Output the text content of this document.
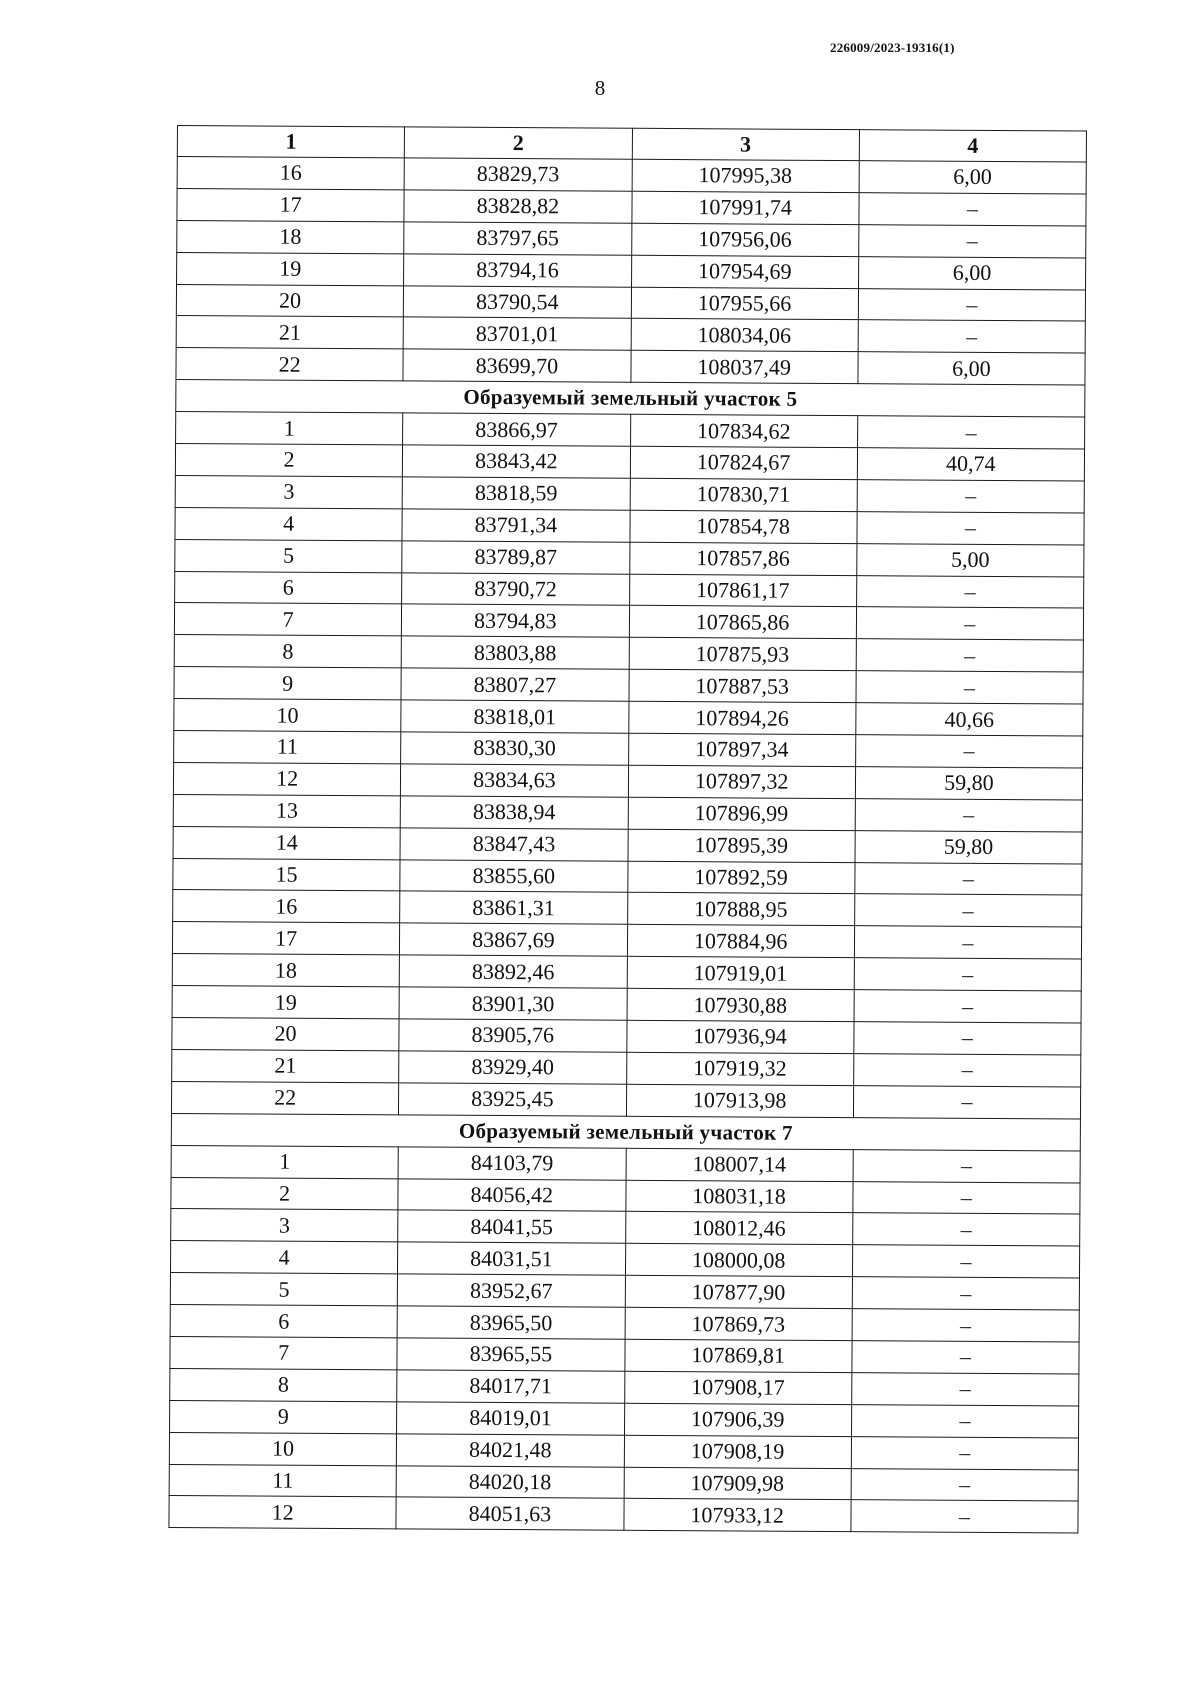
226009/2023-19316(1)
8
1	2	3	4
16	83829,73	107995,38	6,00
17	83828,82	107991,74	–
18	83797,65	107956,06	–
19	83794,16	107954,69	6,00
20	83790,54	107955,66	–
21	83701,01	108034,06	–
22	83699,70	108037,49	6,00
Образуемый земельный участок 5			
1	83866,97	107834,62	–
2	83843,42	107824,67	40,74
3	83818,59	107830,71	–
4	83791,34	107854,78	–
5	83789,87	107857,86	5,00
6	83790,72	107861,17	–
7	83794,83	107865,86	–
8	83803,88	107875,93	–
9	83807,27	107887,53	–
10	83818,01	107894,26	40,66
11	83830,30	107897,34	–
12	83834,63	107897,32	59,80
13	83838,94	107896,99	–
14	83847,43	107895,39	59,80
15	83855,60	107892,59	–
16	83861,31	107888,95	–
17	83867,69	107884,96	–
18	83892,46	107919,01	–
19	83901,30	107930,88	–
20	83905,76	107936,94	–
21	83929,40	107919,32	–
22	83925,45	107913,98	–
Образуемый земельный участок 7			
1	84103,79	108007,14	–
2	84056,42	108031,18	–
3	84041,55	108012,46	–
4	84031,51	108000,08	–
5	83952,67	107877,90	–
6	83965,50	107869,73	–
7	83965,55	107869,81	–
8	84017,71	107908,17	–
9	84019,01	107906,39	–
10	84021,48	107908,19	–
11	84020,18	107909,98	–
12	84051,63	107933,12	–
